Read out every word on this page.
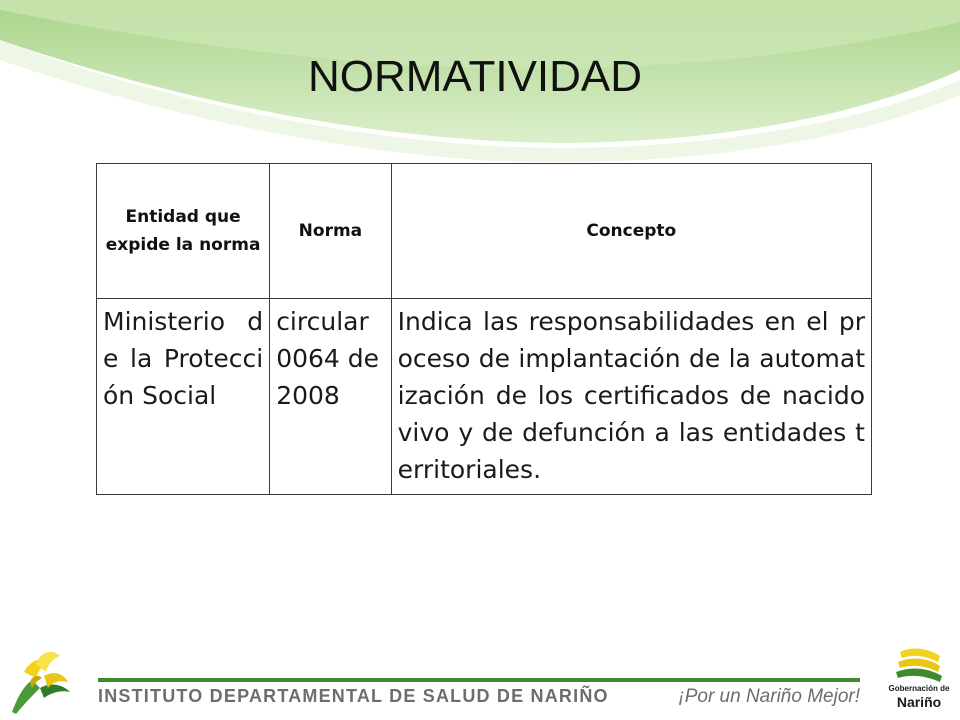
NORMATIVIDAD
Entidad que expide la norma	Norma	Concepto
Ministerio de la Protección Social	circular 0064 de 2008	Indica las responsabilidades en el proceso de implantación de la automatización de los certificados de nacido vivo y de defunción a las entidades territoriales.
INSTITUTO DEPARTAMENTAL DE SALUD DE NARIÑO	¡Por un Nariño Mejor!	Gobernación de
Nariño
